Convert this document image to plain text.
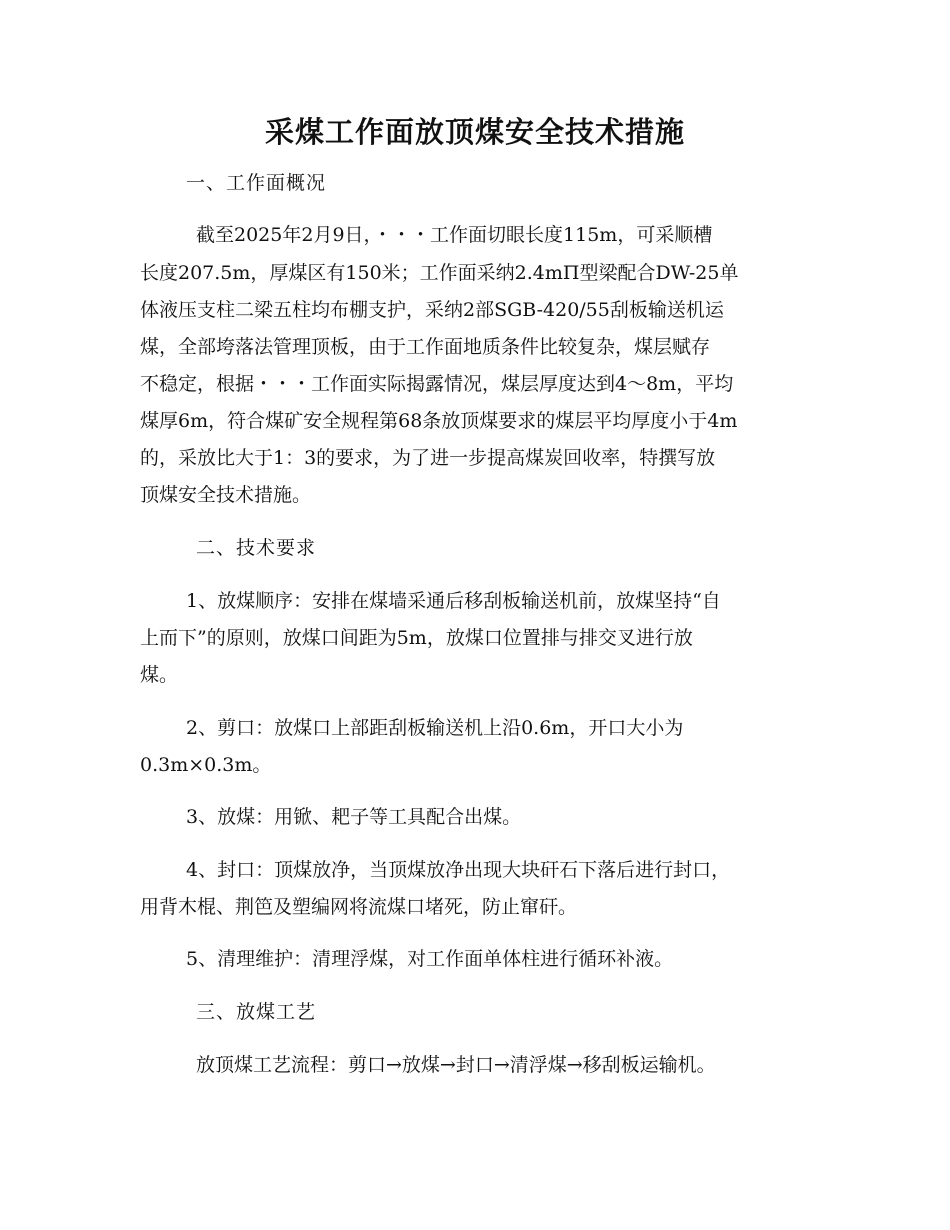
采煤工作面放顶煤安全技术措施
一、工作面概况
截至2025年2月9日，・・・工作面切眼长度115m，可采顺槽
长度207.5m，厚煤区有150米；工作面采纳2.4mΠ型梁配合DW-25单
体液压支柱二梁五柱均布棚支护，采纳2部SGB-420/55刮板输送机运
煤，全部垮落法管理顶板，由于工作面地质条件比较复杂，煤层赋存
不稳定，根据・・・工作面实际揭露情况，煤层厚度达到4～8m，平均
煤厚6m，符合煤矿安全规程第68条放顶煤要求的煤层平均厚度小于4m
的，采放比大于1：3的要求，为了进一步提高煤炭回收率，特撰写放
顶煤安全技术措施。
二、技术要求
1、放煤顺序：安排在煤墙采通后移刮板输送机前，放煤坚持“自
上而下”的原则，放煤口间距为5m，放煤口位置排与排交叉进行放
煤。
2、剪口：放煤口上部距刮板输送机上沿0.6m，开口大小为
0.3m×0.3m。
3、放煤：用锨、耙子等工具配合出煤。
4、封口：顶煤放净，当顶煤放净出现大块矸石下落后进行封口，
用背木棍、荆笆及塑编网将流煤口堵死，防止窜矸。
5、清理维护：清理浮煤，对工作面单体柱进行循环补液。
三、放煤工艺
放顶煤工艺流程：剪口→放煤→封口→清浮煤→移刮板运输机。
